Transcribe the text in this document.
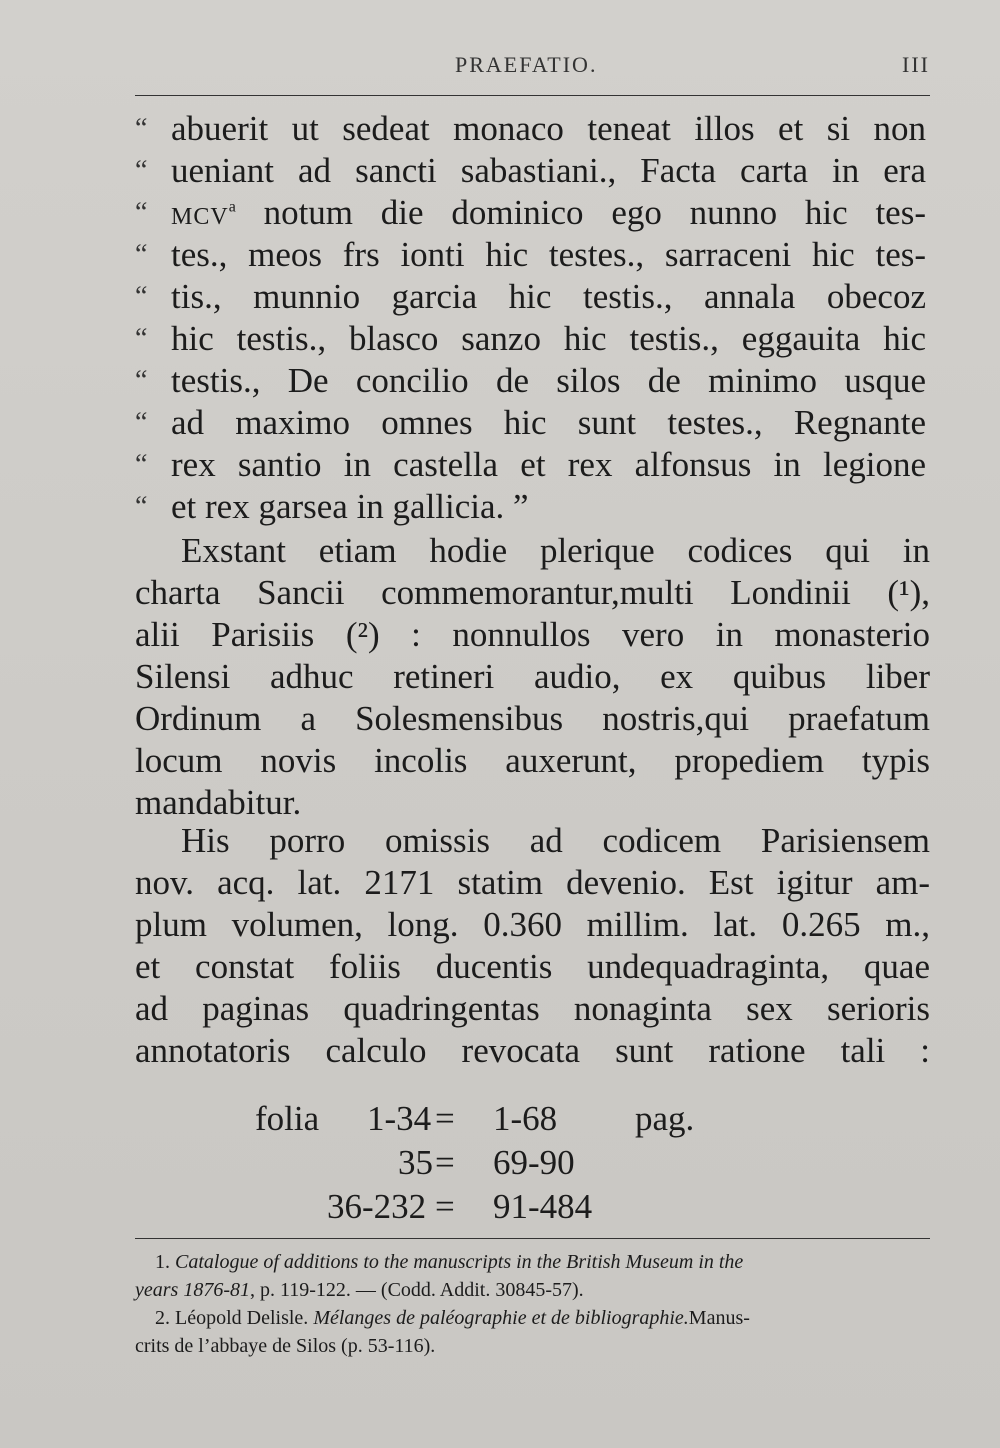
PRAEFATIO.	III
“ abuerit ut sedeat monaco teneat illos et si non
“ ueniant ad sancti sabastiani., Facta carta in era
“ MCV$^a$ notum die dominico ego nunno hic tes-
“ tes., meos frs ionti hic testes., sarraceni hic tes-
“ tis., munnio garcia hic testis., annala obecoz
“ hic testis., blasco sanzo hic testis., eggauita hic
“ testis., De concilio de silos de minimo usque
“ ad maximo omnes hic sunt testes., Regnante
“ rex santio in castella et rex alfonsus in legione
“ et rex garsea in gallicia. ”
Exstant etiam hodie plerique codices qui in
charta Sancii commemorantur,multi Londinii (¹),
alii Parisiis (²) : nonnullos vero in monasterio
Silensi adhuc retineri audio, ex quibus liber
Ordinum a Solesmensibus nostris,qui praefatum
locum novis incolis auxerunt, propediem typis
mandabitur.
His porro omissis ad codicem Parisiensem
nov. acq. lat. 2171 statim devenio. Est igitur am-
plum volumen, long. 0.360 millim. lat. 0.265 m.,
et constat foliis ducentis undequadraginta, quae
ad paginas quadringentas nonaginta sex serioris
annotatoris calculo revocata sunt ratione tali :
folia 1-34 = 1-68 pag.
35 = 69-90
36-232 = 91-484
1. Catalogue of additions to the manuscripts in the British Museum in the
years 1876-81, p. 119-122. — (Codd. Addit. 30845-57).
2. Léopold Delisle. Mélanges de paléographie et de bibliographie.Manus-
crits de l’abbaye de Silos (p. 53-116).
